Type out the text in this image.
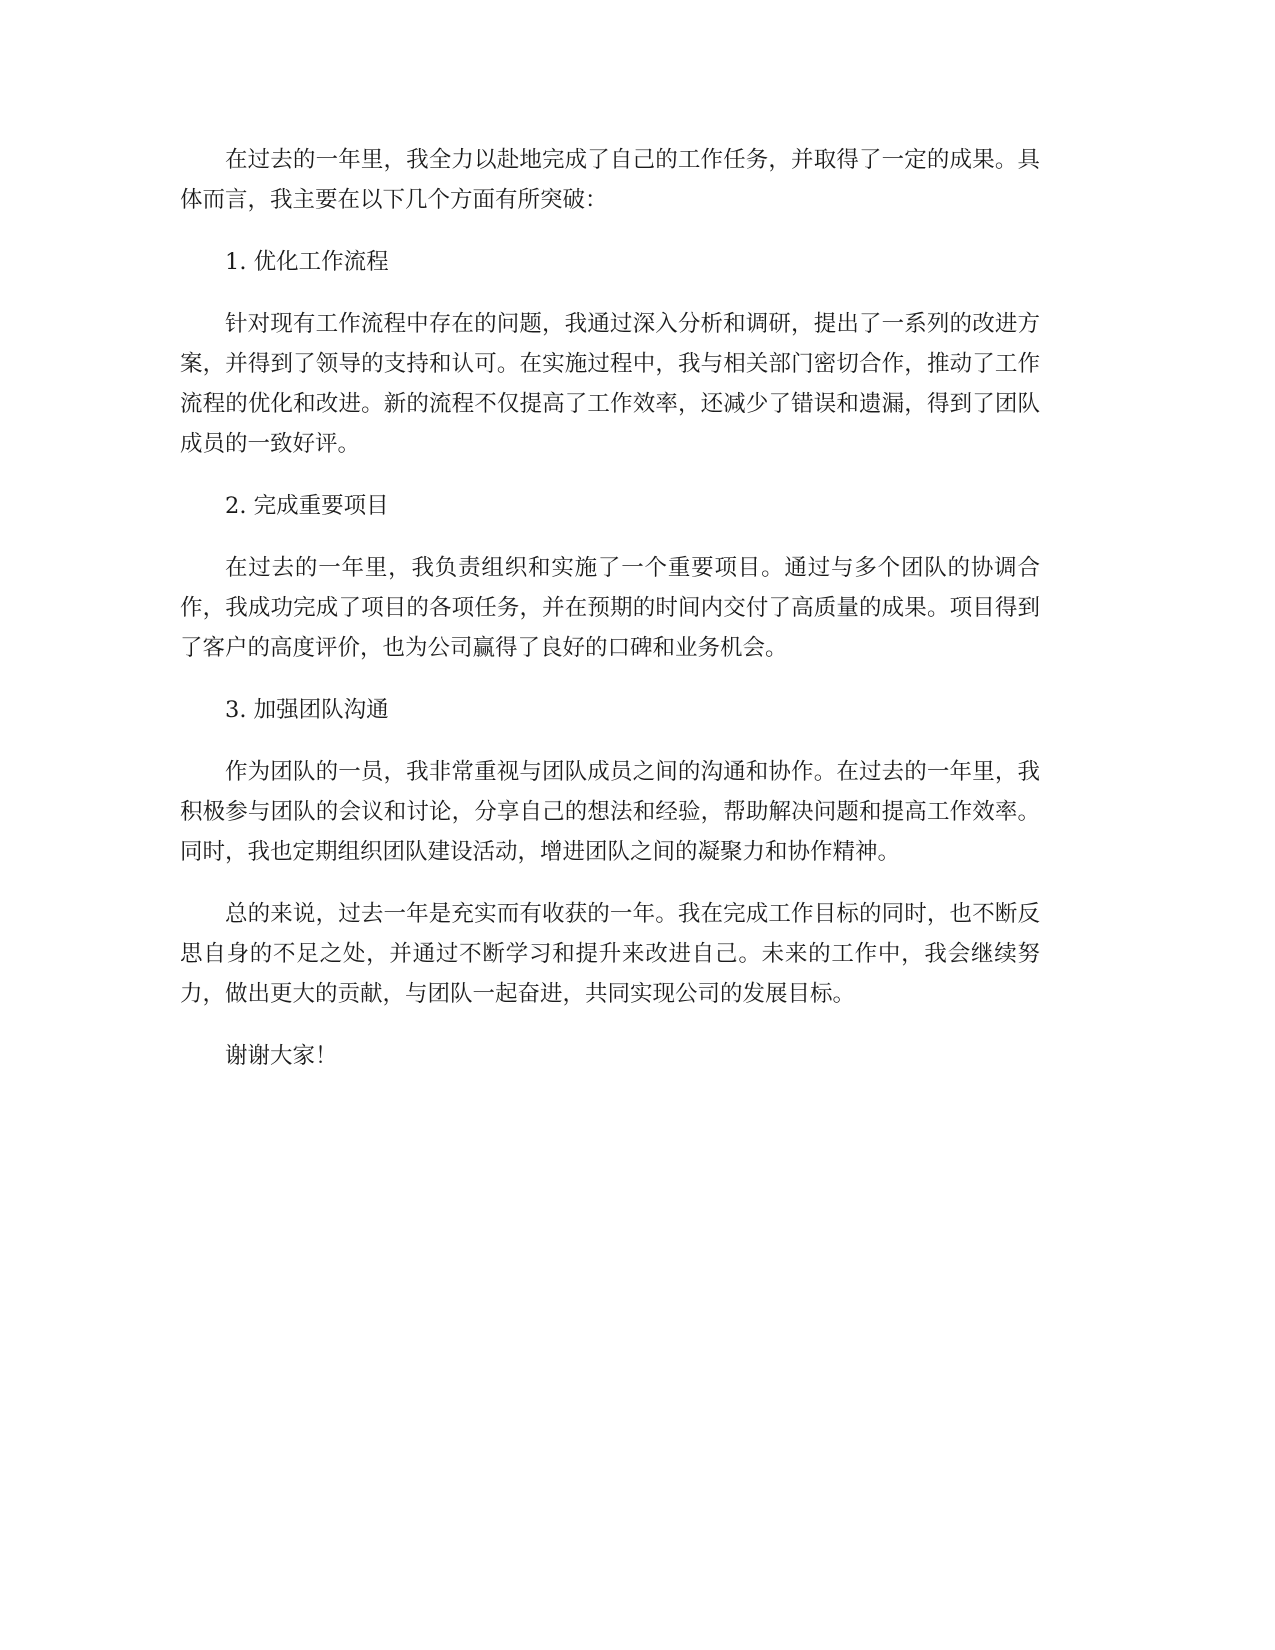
在过去的一年里，我全力以赴地完成了自己的工作任务，并取得了一定的成果。具体而言，我主要在以下几个方面有所突破：

1. 优化工作流程

针对现有工作流程中存在的问题，我通过深入分析和调研，提出了一系列的改进方案，并得到了领导的支持和认可。在实施过程中，我与相关部门密切合作，推动了工作流程的优化和改进。新的流程不仅提高了工作效率，还减少了错误和遗漏，得到了团队成员的一致好评。

2. 完成重要项目

在过去的一年里，我负责组织和实施了一个重要项目。通过与多个团队的协调合作，我成功完成了项目的各项任务，并在预期的时间内交付了高质量的成果。项目得到了客户的高度评价，也为公司赢得了良好的口碑和业务机会。

3. 加强团队沟通

作为团队的一员，我非常重视与团队成员之间的沟通和协作。在过去的一年里，我积极参与团队的会议和讨论，分享自己的想法和经验，帮助解决问题和提高工作效率。同时，我也定期组织团队建设活动，增进团队之间的凝聚力和协作精神。

总的来说，过去一年是充实而有收获的一年。我在完成工作目标的同时，也不断反思自身的不足之处，并通过不断学习和提升来改进自己。未来的工作中，我会继续努力，做出更大的贡献，与团队一起奋进，共同实现公司的发展目标。

谢谢大家！
